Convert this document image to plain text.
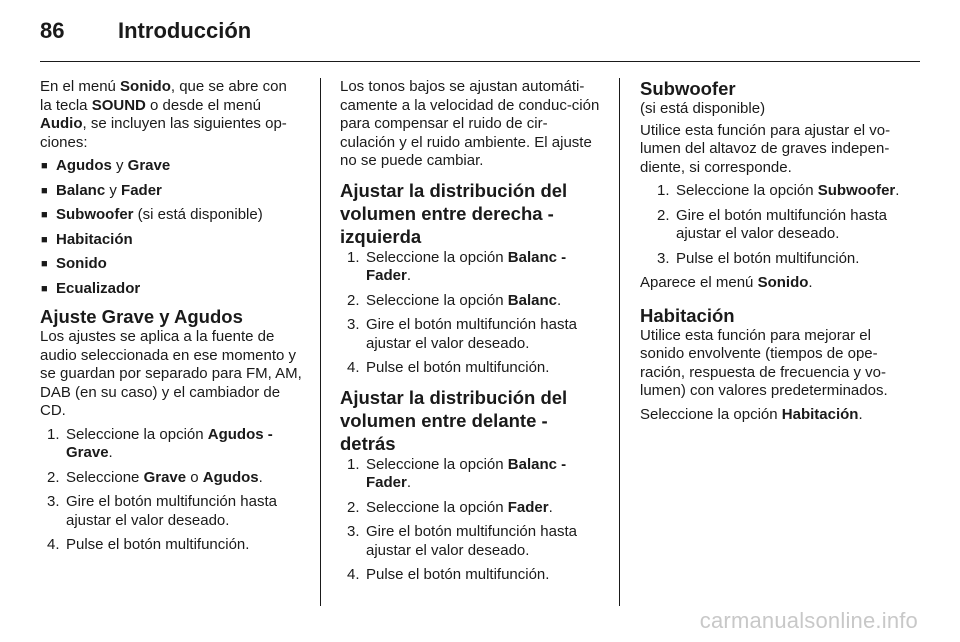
86 Introducción

En el menú Sonido, que se abre con la tecla SOUND o desde el menú Audio, se incluyen las siguientes op-ciones:

■ Agudos y Grave
■ Balanc y Fader
■ Subwoofer (si está disponible)
■ Habitación
■ Sonido
■ Ecualizador
Ajuste Grave y Agudos

Los ajustes se aplica a la fuente de audio seleccionada en ese momento y se guardan por separado para FM, AM, DAB (en su caso) y el cambiador de CD.

1. Seleccione la opción Agudos - Grave.
2. Seleccione Grave o Agudos.
3. Gire el botón multifunción hasta ajustar el valor deseado.
4. Pulse el botón multifunción.

Los tonos bajos se ajustan automáti-camente a la velocidad de conduc-ción para compensar el ruido de cir-culación y el ruido ambiente. El ajuste no se puede cambiar.

Ajustar la distribución del volumen entre derecha - izquierda
1. Seleccione la opción Balanc - Fader.
2. Seleccione la opción Balanc.
3. Gire el botón multifunción hasta ajustar el valor deseado.
4. Pulse el botón multifunción.
Ajustar la distribución del volumen entre delante - detrás
1. Seleccione la opción Balanc - Fader.
2. Seleccione la opción Fader.
3. Gire el botón multifunción hasta ajustar el valor deseado.
4. Pulse el botón multifunción.
Subwoofer

(si está disponible)

Utilice esta función para ajustar el vo-lumen del altavoz de graves indepen-diente, si corresponde.

1. Seleccione la opción Subwoofer.
2. Gire el botón multifunción hasta ajustar el valor deseado.
3. Pulse el botón multifunción.

Aparece el menú Sonido.

Habitación

Utilice esta función para mejorar el sonido envolvente (tiempos de ope-ración, respuesta de frecuencia y vo-lumen) con valores predeterminados.

Seleccione la opción Habitación.

carmanualsonline.info
